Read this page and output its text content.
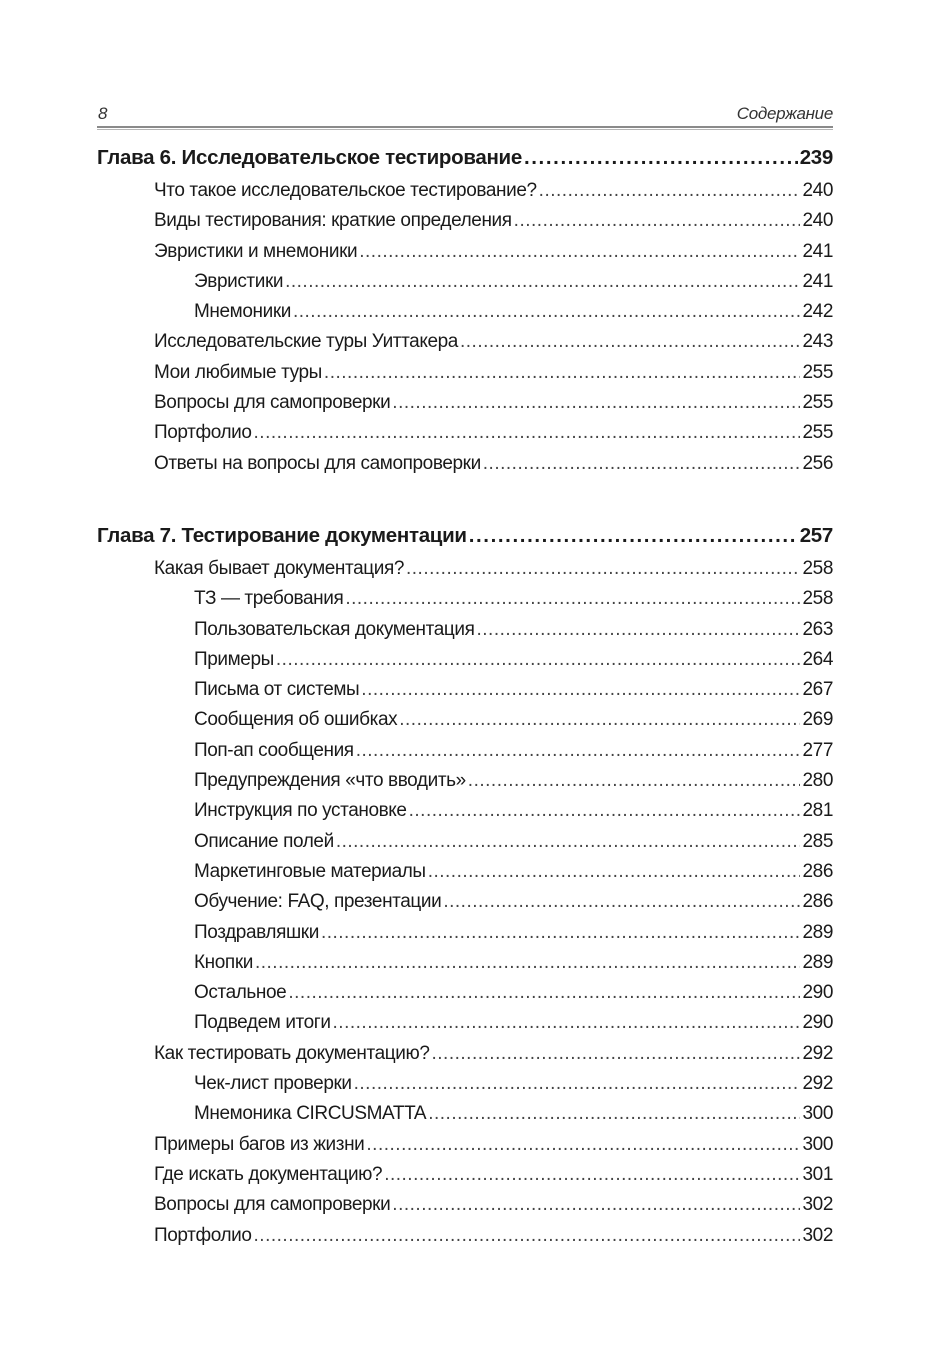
8	Содержание
Глава 6. Исследовательское тестирование .....	239
Что такое исследовательское тестирование? .....	240
Виды тестирования: краткие определения .....	240
Эвристики и мнемоники .....	241
Эвристики .....	241
Мнемоники .....	242
Исследовательские туры Уиттакера .....	243
Мои любимые туры .....	255
Вопросы для самопроверки .....	255
Портфолио .....	255
Ответы на вопросы для самопроверки .....	256
Глава 7. Тестирование документации .....	257
Какая бывает документация? .....	258
ТЗ — требования .....	258
Пользовательская документация .....	263
Примеры .....	264
Письма от системы .....	267
Сообщения об ошибках .....	269
Поп-ап сообщения .....	277
Предупреждения «что вводить» .....	280
Инструкция по установке .....	281
Описание полей .....	285
Маркетинговые материалы .....	286
Обучение: FAQ, презентации .....	286
Поздравляшки .....	289
Кнопки .....	289
Остальное .....	290
Подведем итоги .....	290
Как тестировать документацию? .....	292
Чек-лист проверки .....	292
Мнемоника CIRCUSMATTA .....	300
Примеры багов из жизни .....	300
Где искать документацию? .....	301
Вопросы для самопроверки .....	302
Портфолио .....	302
